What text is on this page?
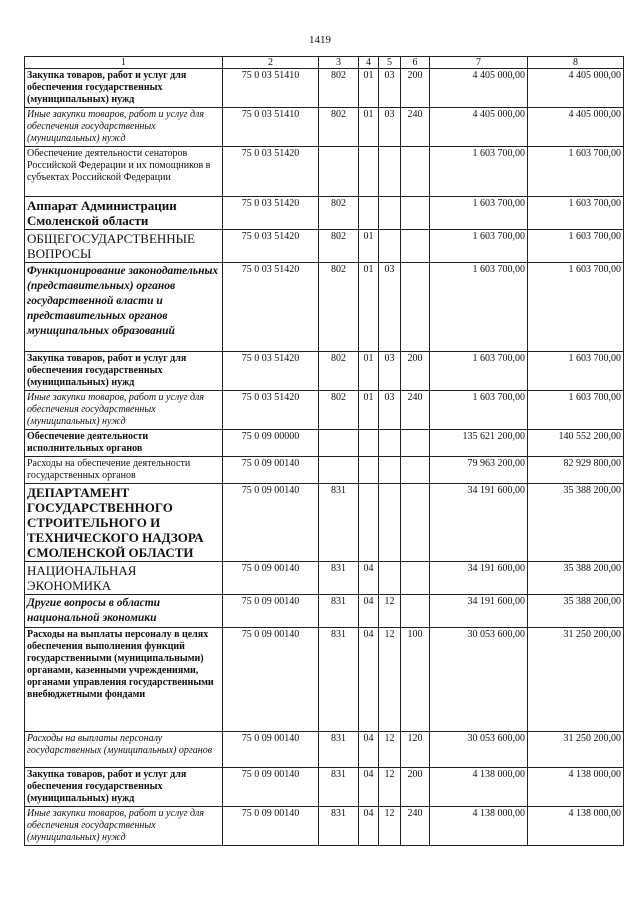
1419
1	2	3	4	5	6	7	8
Закупка товаров, работ и услуг для обеспечения государственных (муниципальных) нужд	75 0 03 51410	802	01	03	200	4 405 000,00	4 405 000,00
Иные закупки товаров, работ и услуг для обеспечения государственных (муниципальных) нужд	75 0 03 51410	802	01	03	240	4 405 000,00	4 405 000,00
Обеспечение деятельности сенаторов Российской Федерации и их помощников в субъектах Российской Федерации	75 0 03 51420					1 603 700,00	1 603 700,00
Аппарат Администрации Смоленской области	75 0 03 51420	802				1 603 700,00	1 603 700,00
ОБЩЕГОСУДАРСТВЕННЫЕ ВОПРОСЫ	75 0 03 51420	802	01			1 603 700,00	1 603 700,00
Функционирование законодательных (представительных) органов государственной власти и представительных органов муниципальных образований	75 0 03 51420	802	01	03		1 603 700,00	1 603 700,00
Закупка товаров, работ и услуг для обеспечения государственных (муниципальных) нужд	75 0 03 51420	802	01	03	200	1 603 700,00	1 603 700,00
Иные закупки товаров, работ и услуг для обеспечения государственных (муниципальных) нужд	75 0 03 51420	802	01	03	240	1 603 700,00	1 603 700,00
Обеспечение деятельности исполнительных органов	75 0 09 00000					135 621 200,00	140 552 200,00
Расходы на обеспечение деятельности государственных органов	75 0 09 00140					79 963 200,00	82 929 800,00
ДЕПАРТАМЕНТ ГОСУДАРСТВЕННОГО СТРОИТЕЛЬНОГО И ТЕХНИЧЕСКОГО НАДЗОРА СМОЛЕНСКОЙ ОБЛАСТИ	75 0 09 00140	831				34 191 600,00	35 388 200,00
НАЦИОНАЛЬНАЯ ЭКОНОМИКА	75 0 09 00140	831	04			34 191 600,00	35 388 200,00
Другие вопросы в области национальной экономики	75 0 09 00140	831	04	12		34 191 600,00	35 388 200,00
Расходы на выплаты персоналу в целях обеспечения выполнения функций государственными (муниципальными) органами, казенными учреждениями, органами управления государственными внебюджетными фондами	75 0 09 00140	831	04	12	100	30 053 600,00	31 250 200,00
Расходы на выплаты персоналу государственных (муниципальных) органов	75 0 09 00140	831	04	12	120	30 053 600,00	31 250 200,00
Закупка товаров, работ и услуг для обеспечения государственных (муниципальных) нужд	75 0 09 00140	831	04	12	200	4 138 000,00	4 138 000,00
Иные закупки товаров, работ и услуг для обеспечения государственных (муниципальных) нужд	75 0 09 00140	831	04	12	240	4 138 000,00	4 138 000,00
